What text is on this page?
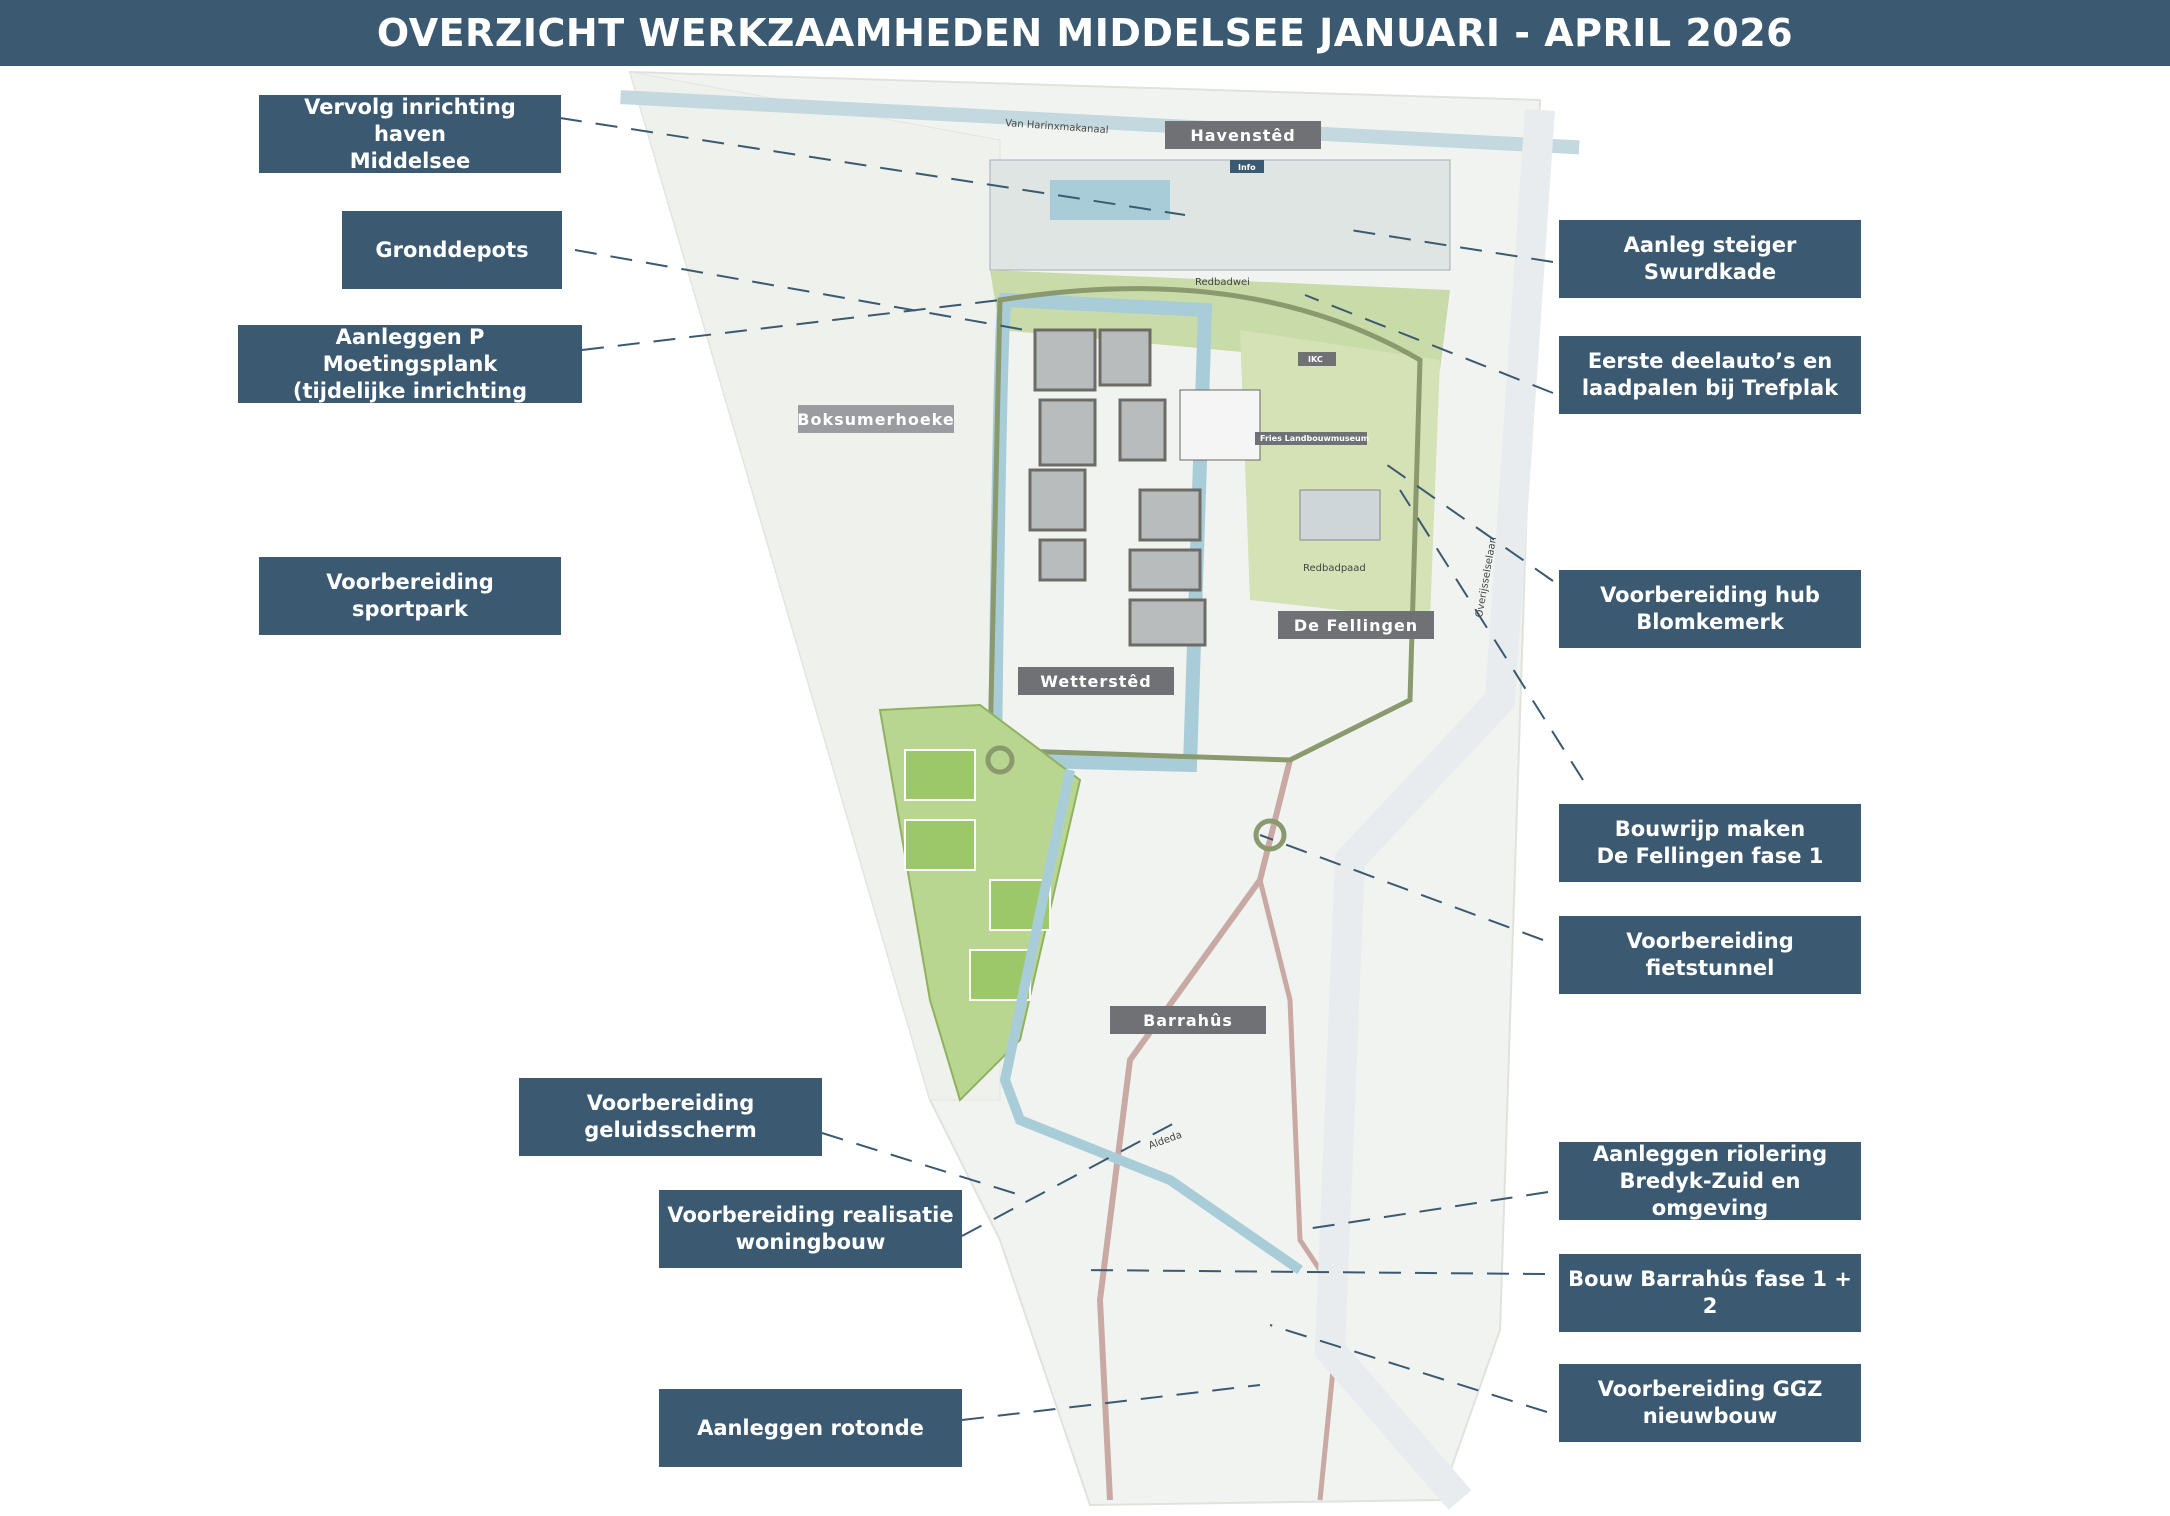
OVERZICHT WERKZAAMHEDEN MIDDELSEE JANUARI - APRIL 2026
Van Harinxmakanaal
Redbadwei
Redbadpaad	Overijsselselaan
Aldeda
Info
IKC
Fries Landbouwmuseum
Havenstêd
Boksumerhoeke
De Fellingen
Wetterstêd
Barrahûs
Vervolg inrichting haven
Middelsee
Gronddepots
Aanleggen P Moetingsplank
(tijdelijke inrichting
Voorbereiding sportpark
Voorbereiding
geluidsscherm
Voorbereiding realisatie
woningbouw
Aanleggen rotonde
Aanleg steiger Swurdkade
Eerste deelauto’s en
laadpalen bij Trefplak
Voorbereiding hub
Blomkemerk
Bouwrijp maken
De Fellingen fase 1
Voorbereiding fietstunnel
Aanleggen riolering
Bredyk-Zuid en omgeving
Bouw Barrahûs fase 1 + 2
Voorbereiding GGZ
nieuwbouw
